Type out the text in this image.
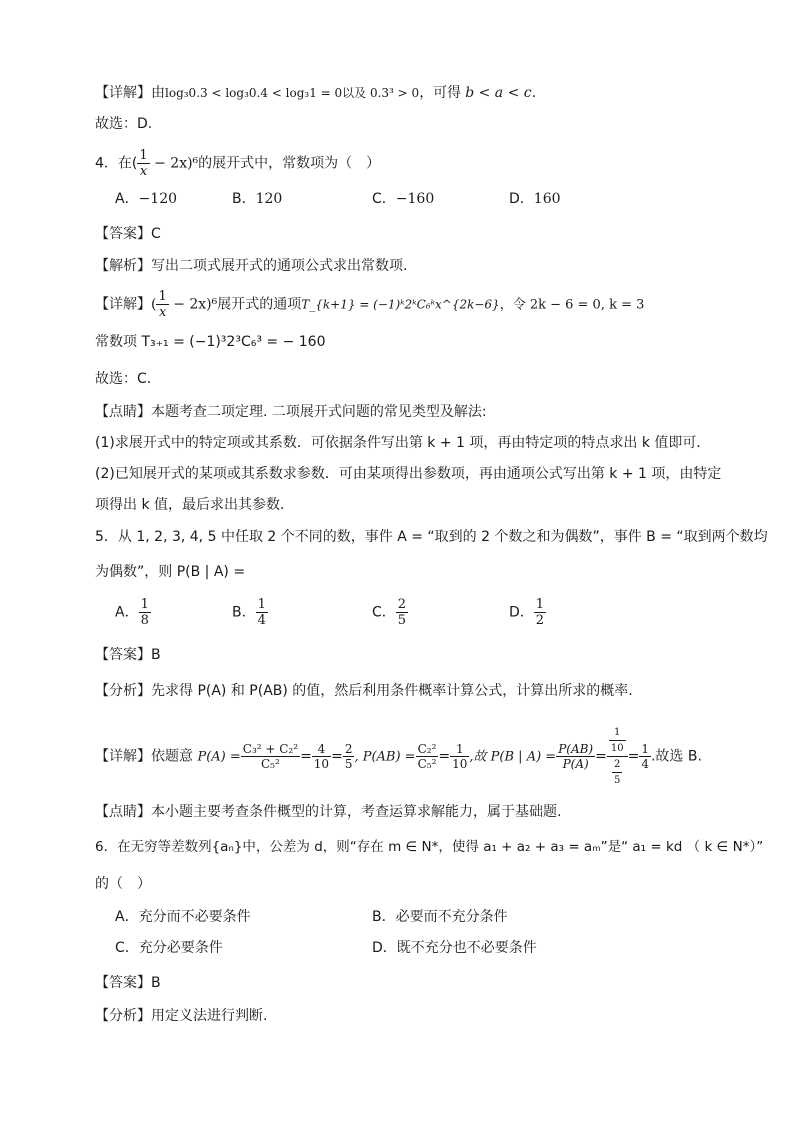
【详解】由log₃0.3 < log₃0.4 < log₃1 = 0以及 0.3³ > 0，可得 b < a < c.
故选：D.
4．在( $\frac{1}{x} - 2x)^6$的展开式中，常数项为（　）
A．−120	B．120	C．−160	D．160
【答案】C
【解析】写出二项式展开式的通项公式求出常数项.
【详解】( $\frac{1}{x} - 2x)^6$展开式的通项T_{k+1} = (−1)ᵏ2ᵏC₆ᵏx^{2k−6}，令 2k − 6 = 0, k = 3
常数项 T₃₊₁ = (−1)³2³C₆³ = − 160
故选：C．
【点睛】本题考查二项定理. 二项展开式问题的常见类型及解法:
(1)求展开式中的特定项或其系数．可依据条件写出第 k + 1 项，再由特定项的特点求出 k 值即可．
(2)已知展开式的某项或其系数求参数．可由某项得出参数项，再由通项公式写出第 k + 1 项，由特定
项得出 k 值，最后求出其参数．
5．从 1, 2, 3, 4, 5 中任取 2 个不同的数，事件 A = “取到的 2 个数之和为偶数”，事件 B = “取到两个数均
为偶数”，则 P(B | A) =
A． $\frac{1}{8}$	B． $\frac{1}{4}$	C． $\frac{2}{5}$	D． $\frac{1}{2}$
【答案】B
【分析】先求得 P(A) 和 P(AB) 的值，然后利用条件概率计算公式，计算出所求的概率.
【详解】依题意 $P(A) = \frac{\text{C₃² + C₂²}}{\text{C₅²}} = \frac{4}{10} = \frac{2}{5}$ , $P(AB) = \frac{\text{C₂²}}{\text{C₅²}} = \frac{1}{10}$ ,故 P(B | $A) = \frac{P(AB)}{P(A)} = \frac{\frac{1}{10}}{\frac{2}{5}} = \frac{1}{4}$ .故选 B.
【点睛】本小题主要考查条件概型的计算，考查运算求解能力，属于基础题.
6．在无穷等差数列{aₙ}中，公差为 d，则“存在 m ∈ N*，使得 a₁ + a₂ + a₃ = aₘ”是“ a₁ = kd （ k ∈ N*）”
的（　）
A．充分而不必要条件	B．必要而不充分条件
C．充分必要条件	D．既不充分也不必要条件
【答案】B
【分析】用定义法进行判断.
